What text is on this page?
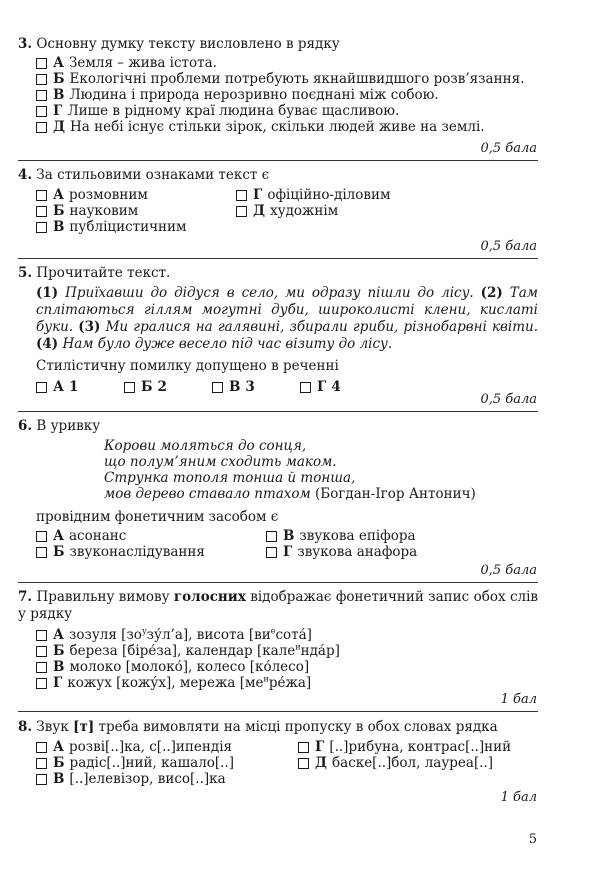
3. Основну думку тексту висловлено в рядку
А Земля – жива істота.
Б Екологічні проблеми потребують якнайшвидшого розв’язання.
В Людина і природа нерозривно поєднані між собою.
Г Лише в рідному краї людина буває щасливою.
Д На небі існує стільки зірок, скільки людей живе на землі.
0,5 бала
4. За стильовими ознаками текст є
А розмовним	Г офіційно-діловим
Б науковим	Д художнім
В публіцистичним
0,5 бала
5. Прочитайте текст.
(1) Приїхавши до дідуся в село, ми одразу пішли до лісу. (2) Там сплітаються гіллям могутні дуби, широколисті клени, кислаті буки. (3) Ми гралися на галявині, збирали гриби, різнобарвні квіти. (4) Нам було дуже весело під час візиту до лісу.
Стилістичну помилку допущено в реченні
А 1	Б 2	В 3	Г 4
0,5 бала
6. В уривку
Корови моляться до сонця,
що полум’яним сходить маком.
Струнка тополя тонша й тонша,
мов дерево ставало птахом (Богдан-Ігор Антонич)
провідним фонетичним засобом є
А асонанс	В звукова епіфора
Б звуконаслідування	Г звукова анафора
0,5 бала
7. Правильну вимову голосних відображає фонетичний запис обох слів у рядку
А зозуля $[зо^узу́л’а]$, висота $[ви^есота́]$
Б береза [біре́за], календар [кале$^и$нда́р]
В молоко [молоко́], колесо [ко́лесо]
Г кожух [кожу́х], мережа $[ме^ире́жа]$
1 бал
8. Звук [т] треба вимовляти на місці пропуску в обох словах рядка
А розві[..]ка, с[..]ипендія	Г [..]рибуна, контрас[..]ний
Б радіс[..]ний, кашало[..]	Д баске[..]бол, лауреа[..]
В [..]елевізор, висо[..]ка
1 бал
5
